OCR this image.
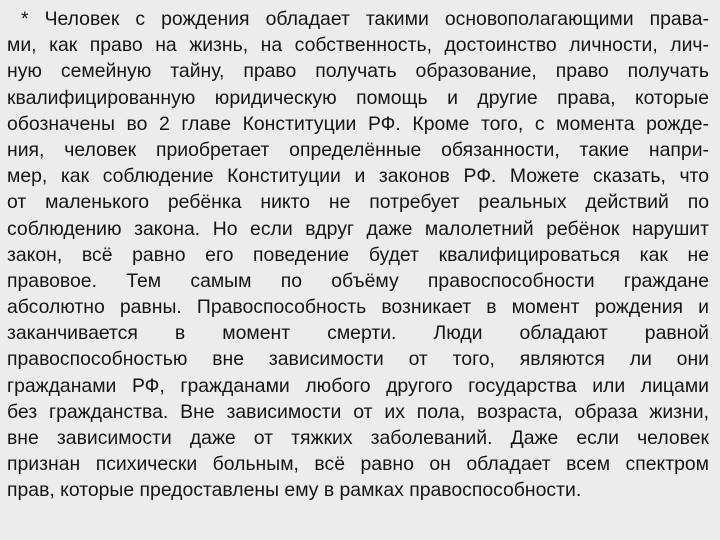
* Человек с рождения обладает такими основополагающими права-
ми, как право на жизнь, на собственность, достоинство личности, лич-
ную семейную тайну, право получать образование, право получать
квалифицированную юридическую помощь и другие права, которые
обозначены во 2 главе Конституции РФ. Кроме того, с момента рожде-
ния, человек приобретает определённые обязанности, такие напри-
мер, как соблюдение Конституции и законов РФ. Можете сказать, что
от маленького ребёнка никто не потребует реальных действий по
соблюдению закона. Но если вдруг даже малолетний ребёнок нарушит
закон, всё равно его поведение будет квалифицироваться как не
правовое. Тем самым по объёму правоспособности граждане
абсолютно равны. Правоспособность возникает в момент рождения и
заканчивается в момент смерти. Люди обладают равной
правоспособностью вне зависимости от того, являются ли они
гражданами РФ, гражданами любого другого государства или лицами
без гражданства. Вне зависимости от их пола, возраста, образа жизни,
вне зависимости даже от тяжких заболеваний. Даже если человек
признан психически больным, всё равно он обладает всем спектром
прав, которые предоставлены ему в рамках правоспособности.
